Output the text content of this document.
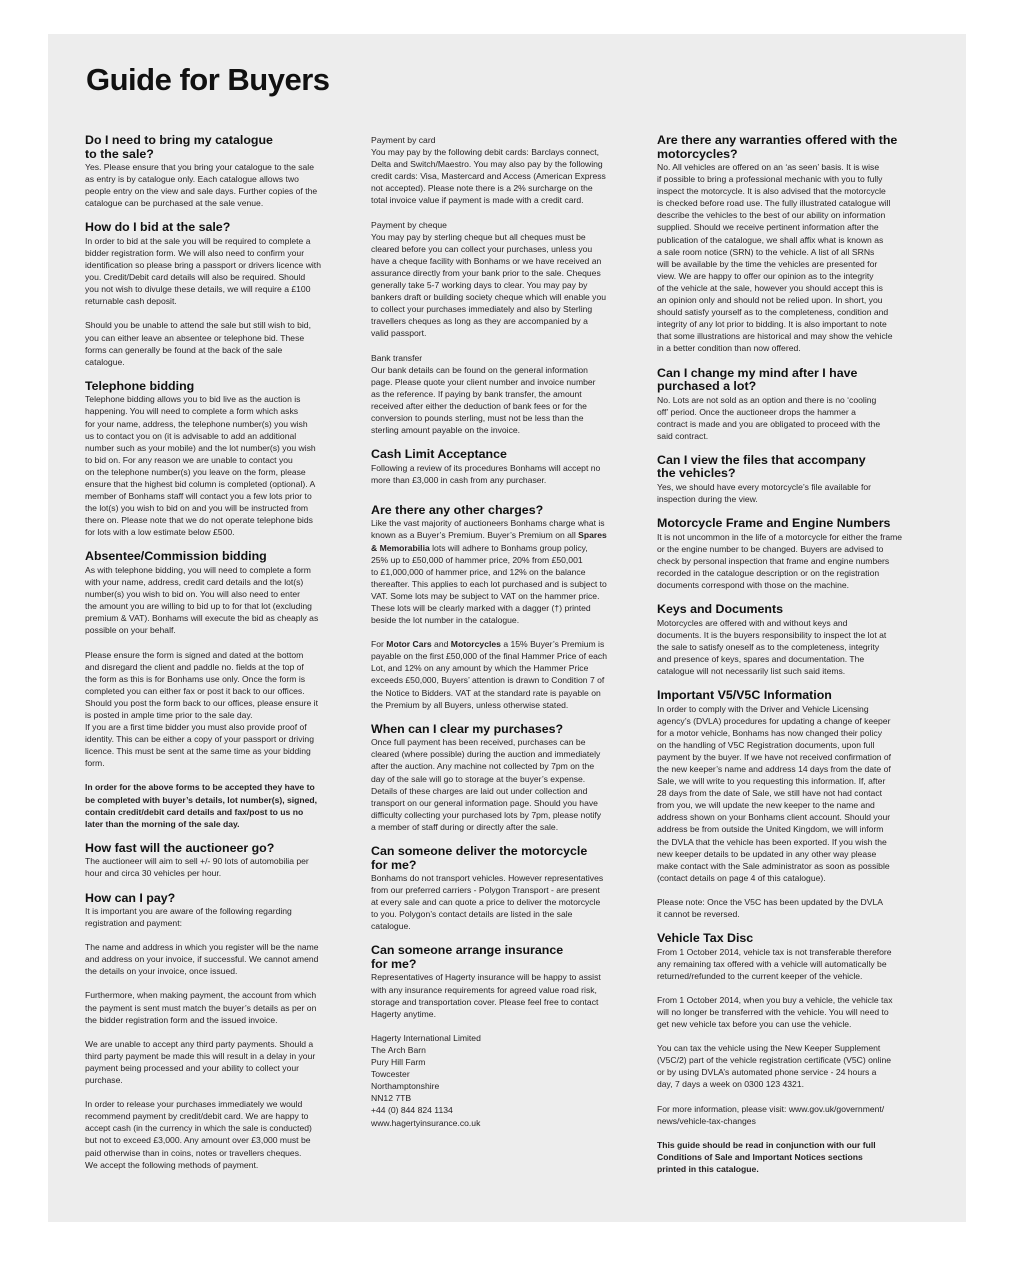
Guide for Buyers
Do I need to bring my catalogue
to the sale?

Yes. Please ensure that you bring your catalogue to the sale
as entry is by catalogue only. Each catalogue allows two
people entry on the view and sale days. Further copies of the
catalogue can be purchased at the sale venue.

How do I bid at the sale?

In order to bid at the sale you will be required to complete a
bidder registration form. We will also need to confirm your
identification so please bring a passport or drivers licence with
you. Credit/Debit card details will also be required. Should
you not wish to divulge these details, we will require a £100
returnable cash deposit.

Should you be unable to attend the sale but still wish to bid,
you can either leave an absentee or telephone bid. These
forms can generally be found at the back of the sale
catalogue.

Telephone bidding

Telephone bidding allows you to bid live as the auction is
happening. You will need to complete a form which asks
for your name, address, the telephone number(s) you wish
us to contact you on (it is advisable to add an additional
number such as your mobile) and the lot number(s) you wish
to bid on. For any reason we are unable to contact you
on the telephone number(s) you leave on the form, please
ensure that the highest bid column is completed (optional). A
member of Bonhams staff will contact you a few lots prior to
the lot(s) you wish to bid on and you will be instructed from
there on. Please note that we do not operate telephone bids
for lots with a low estimate below £500.

Absentee/Commission bidding

As with telephone bidding, you will need to complete a form
with your name, address, credit card details and the lot(s)
number(s) you wish to bid on. You will also need to enter
the amount you are willing to bid up to for that lot (excluding
premium & VAT). Bonhams will execute the bid as cheaply as
possible on your behalf.

Please ensure the form is signed and dated at the bottom
and disregard the client and paddle no. fields at the top of
the form as this is for Bonhams use only. Once the form is
completed you can either fax or post it back to our offices.
Should you post the form back to our offices, please ensure it
is posted in ample time prior to the sale day.
If you are a first time bidder you must also provide proof of
identity. This can be either a copy of your passport or driving
licence. This must be sent at the same time as your bidding
form.

In order for the above forms to be accepted they have to
be completed with buyer’s details, lot number(s), signed,
contain credit/debit card details and fax/post to us no
later than the morning of the sale day.

How fast will the auctioneer go?

The auctioneer will aim to sell +/- 90 lots of automobilia per
hour and circa 30 vehicles per hour.

How can I pay?

It is important you are aware of the following regarding
registration and payment:

The name and address in which you register will be the name
and address on your invoice, if successful. We cannot amend
the details on your invoice, once issued.

Furthermore, when making payment, the account from which
the payment is sent must match the buyer’s details as per on
the bidder registration form and the issued invoice.

We are unable to accept any third party payments. Should a
third party payment be made this will result in a delay in your
payment being processed and your ability to collect your
purchase.

In order to release your purchases immediately we would
recommend payment by credit/debit card. We are happy to
accept cash (in the currency in which the sale is conducted)
but not to exceed £3,000. Any amount over £3,000 must be
paid otherwise than in coins, notes or travellers cheques.
We accept the following methods of payment.

Payment by card

You may pay by the following debit cards: Barclays connect,
Delta and Switch/Maestro. You may also pay by the following
credit cards: Visa, Mastercard and Access (American Express
not accepted). Please note there is a 2% surcharge on the
total invoice value if payment is made with a credit card.

Payment by cheque

You may pay by sterling cheque but all cheques must be
cleared before you can collect your purchases, unless you
have a cheque facility with Bonhams or we have received an
assurance directly from your bank prior to the sale. Cheques
generally take 5-7 working days to clear. You may pay by
bankers draft or building society cheque which will enable you
to collect your purchases immediately and also by Sterling
travellers cheques as long as they are accompanied by a
valid passport.

Bank transfer

Our bank details can be found on the general information
page. Please quote your client number and invoice number
as the reference. If paying by bank transfer, the amount
received after either the deduction of bank fees or for the
conversion to pounds sterling, must not be less than the
sterling amount payable on the invoice.

Cash Limit Acceptance

Following a review of its procedures Bonhams will accept no
more than £3,000 in cash from any purchaser.

Are there any other charges?

Like the vast majority of auctioneers Bonhams charge what is
known as a Buyer’s Premium. Buyer’s Premium on all Spares
& Memorabilia lots will adhere to Bonhams group policy,
25% up to £50,000 of hammer price, 20% from £50,001
to £1,000,000 of hammer price, and 12% on the balance
thereafter. This applies to each lot purchased and is subject to
VAT. Some lots may be subject to VAT on the hammer price.
These lots will be clearly marked with a dagger (†) printed
beside the lot number in the catalogue.

For Motor Cars and Motorcycles a 15% Buyer’s Premium is
payable on the first £50,000 of the final Hammer Price of each
Lot, and 12% on any amount by which the Hammer Price
exceeds £50,000, Buyers’ attention is drawn to Condition 7 of
the Notice to Bidders. VAT at the standard rate is payable on
the Premium by all Buyers, unless otherwise stated.

When can I clear my purchases?

Once full payment has been received, purchases can be
cleared (where possible) during the auction and immediately
after the auction. Any machine not collected by 7pm on the
day of the sale will go to storage at the buyer’s expense.
Details of these charges are laid out under collection and
transport on our general information page. Should you have
difficulty collecting your purchased lots by 7pm, please notify
a member of staff during or directly after the sale.

Can someone deliver the motorcycle
for me?

Bonhams do not transport vehicles. However representatives
from our preferred carriers - Polygon Transport - are present
at every sale and can quote a price to deliver the motorcycle
to you. Polygon’s contact details are listed in the sale
catalogue.

Can someone arrange insurance
for me?

Representatives of Hagerty insurance will be happy to assist
with any insurance requirements for agreed value road risk,
storage and transportation cover. Please feel free to contact
Hagerty anytime.

Hagerty International Limited
The Arch Barn
Pury Hill Farm
Towcester
Northamptonshire
NN12 7TB
+44 (0) 844 824 1134
www.hagertyinsurance.co.uk

Are there any warranties offered with the
motorcycles?

No. All vehicles are offered on an ‘as seen’ basis. It is wise
if possible to bring a professional mechanic with you to fully
inspect the motorcycle. It is also advised that the motorcycle
is checked before road use. The fully illustrated catalogue will
describe the vehicles to the best of our ability on information
supplied. Should we receive pertinent information after the
publication of the catalogue, we shall affix what is known as
a sale room notice (SRN) to the vehicle. A list of all SRNs
will be available by the time the vehicles are presented for
view. We are happy to offer our opinion as to the integrity
of the vehicle at the sale, however you should accept this is
an opinion only and should not be relied upon. In short, you
should satisfy yourself as to the completeness, condition and
integrity of any lot prior to bidding. It is also important to note
that some illustrations are historical and may show the vehicle
in a better condition than now offered.

Can I change my mind after I have
purchased a lot?

No. Lots are not sold as an option and there is no ‘cooling
off’ period. Once the auctioneer drops the hammer a
contract is made and you are obligated to proceed with the
said contract.

Can I view the files that accompany
the vehicles?

Yes, we should have every motorcycle’s file available for
inspection during the view.

Motorcycle Frame and Engine Numbers

It is not uncommon in the life of a motorcycle for either the frame
or the engine number to be changed. Buyers are advised to
check by personal inspection that frame and engine numbers
recorded in the catalogue description or on the registration
documents correspond with those on the machine.

Keys and Documents

Motorcycles are offered with and without keys and
documents. It is the buyers responsibility to inspect the lot at
the sale to satisfy oneself as to the completeness, integrity
and presence of keys, spares and documentation. The
catalogue will not necessarily list such said items.

Important V5/V5C Information

In order to comply with the Driver and Vehicle Licensing
agency’s (DVLA) procedures for updating a change of keeper
for a motor vehicle, Bonhams has now changed their policy
on the handling of V5C Registration documents, upon full
payment by the buyer. If we have not received confirmation of
the new keeper’s name and address 14 days from the date of
Sale, we will write to you requesting this information. If, after
28 days from the date of Sale, we still have not had contact
from you, we will update the new keeper to the name and
address shown on your Bonhams client account. Should your
address be from outside the United Kingdom, we will inform
the DVLA that the vehicle has been exported. If you wish the
new keeper details to be updated in any other way please
make contact with the Sale administrator as soon as possible
(contact details on page 4 of this catalogue).

Please note: Once the V5C has been updated by the DVLA
it cannot be reversed.

Vehicle Tax Disc

From 1 October 2014, vehicle tax is not transferable therefore
any remaining tax offered with a vehicle will automatically be
returned/refunded to the current keeper of the vehicle.

From 1 October 2014, when you buy a vehicle, the vehicle tax
will no longer be transferred with the vehicle. You will need to
get new vehicle tax before you can use the vehicle.

You can tax the vehicle using the New Keeper Supplement
(V5C/2) part of the vehicle registration certificate (V5C) online
or by using DVLA’s automated phone service - 24 hours a
day, 7 days a week on 0300 123 4321.

For more information, please visit: www.gov.uk/government/
news/vehicle-tax-changes

This guide should be read in conjunction with our full
Conditions of Sale and Important Notices sections
printed in this catalogue.
